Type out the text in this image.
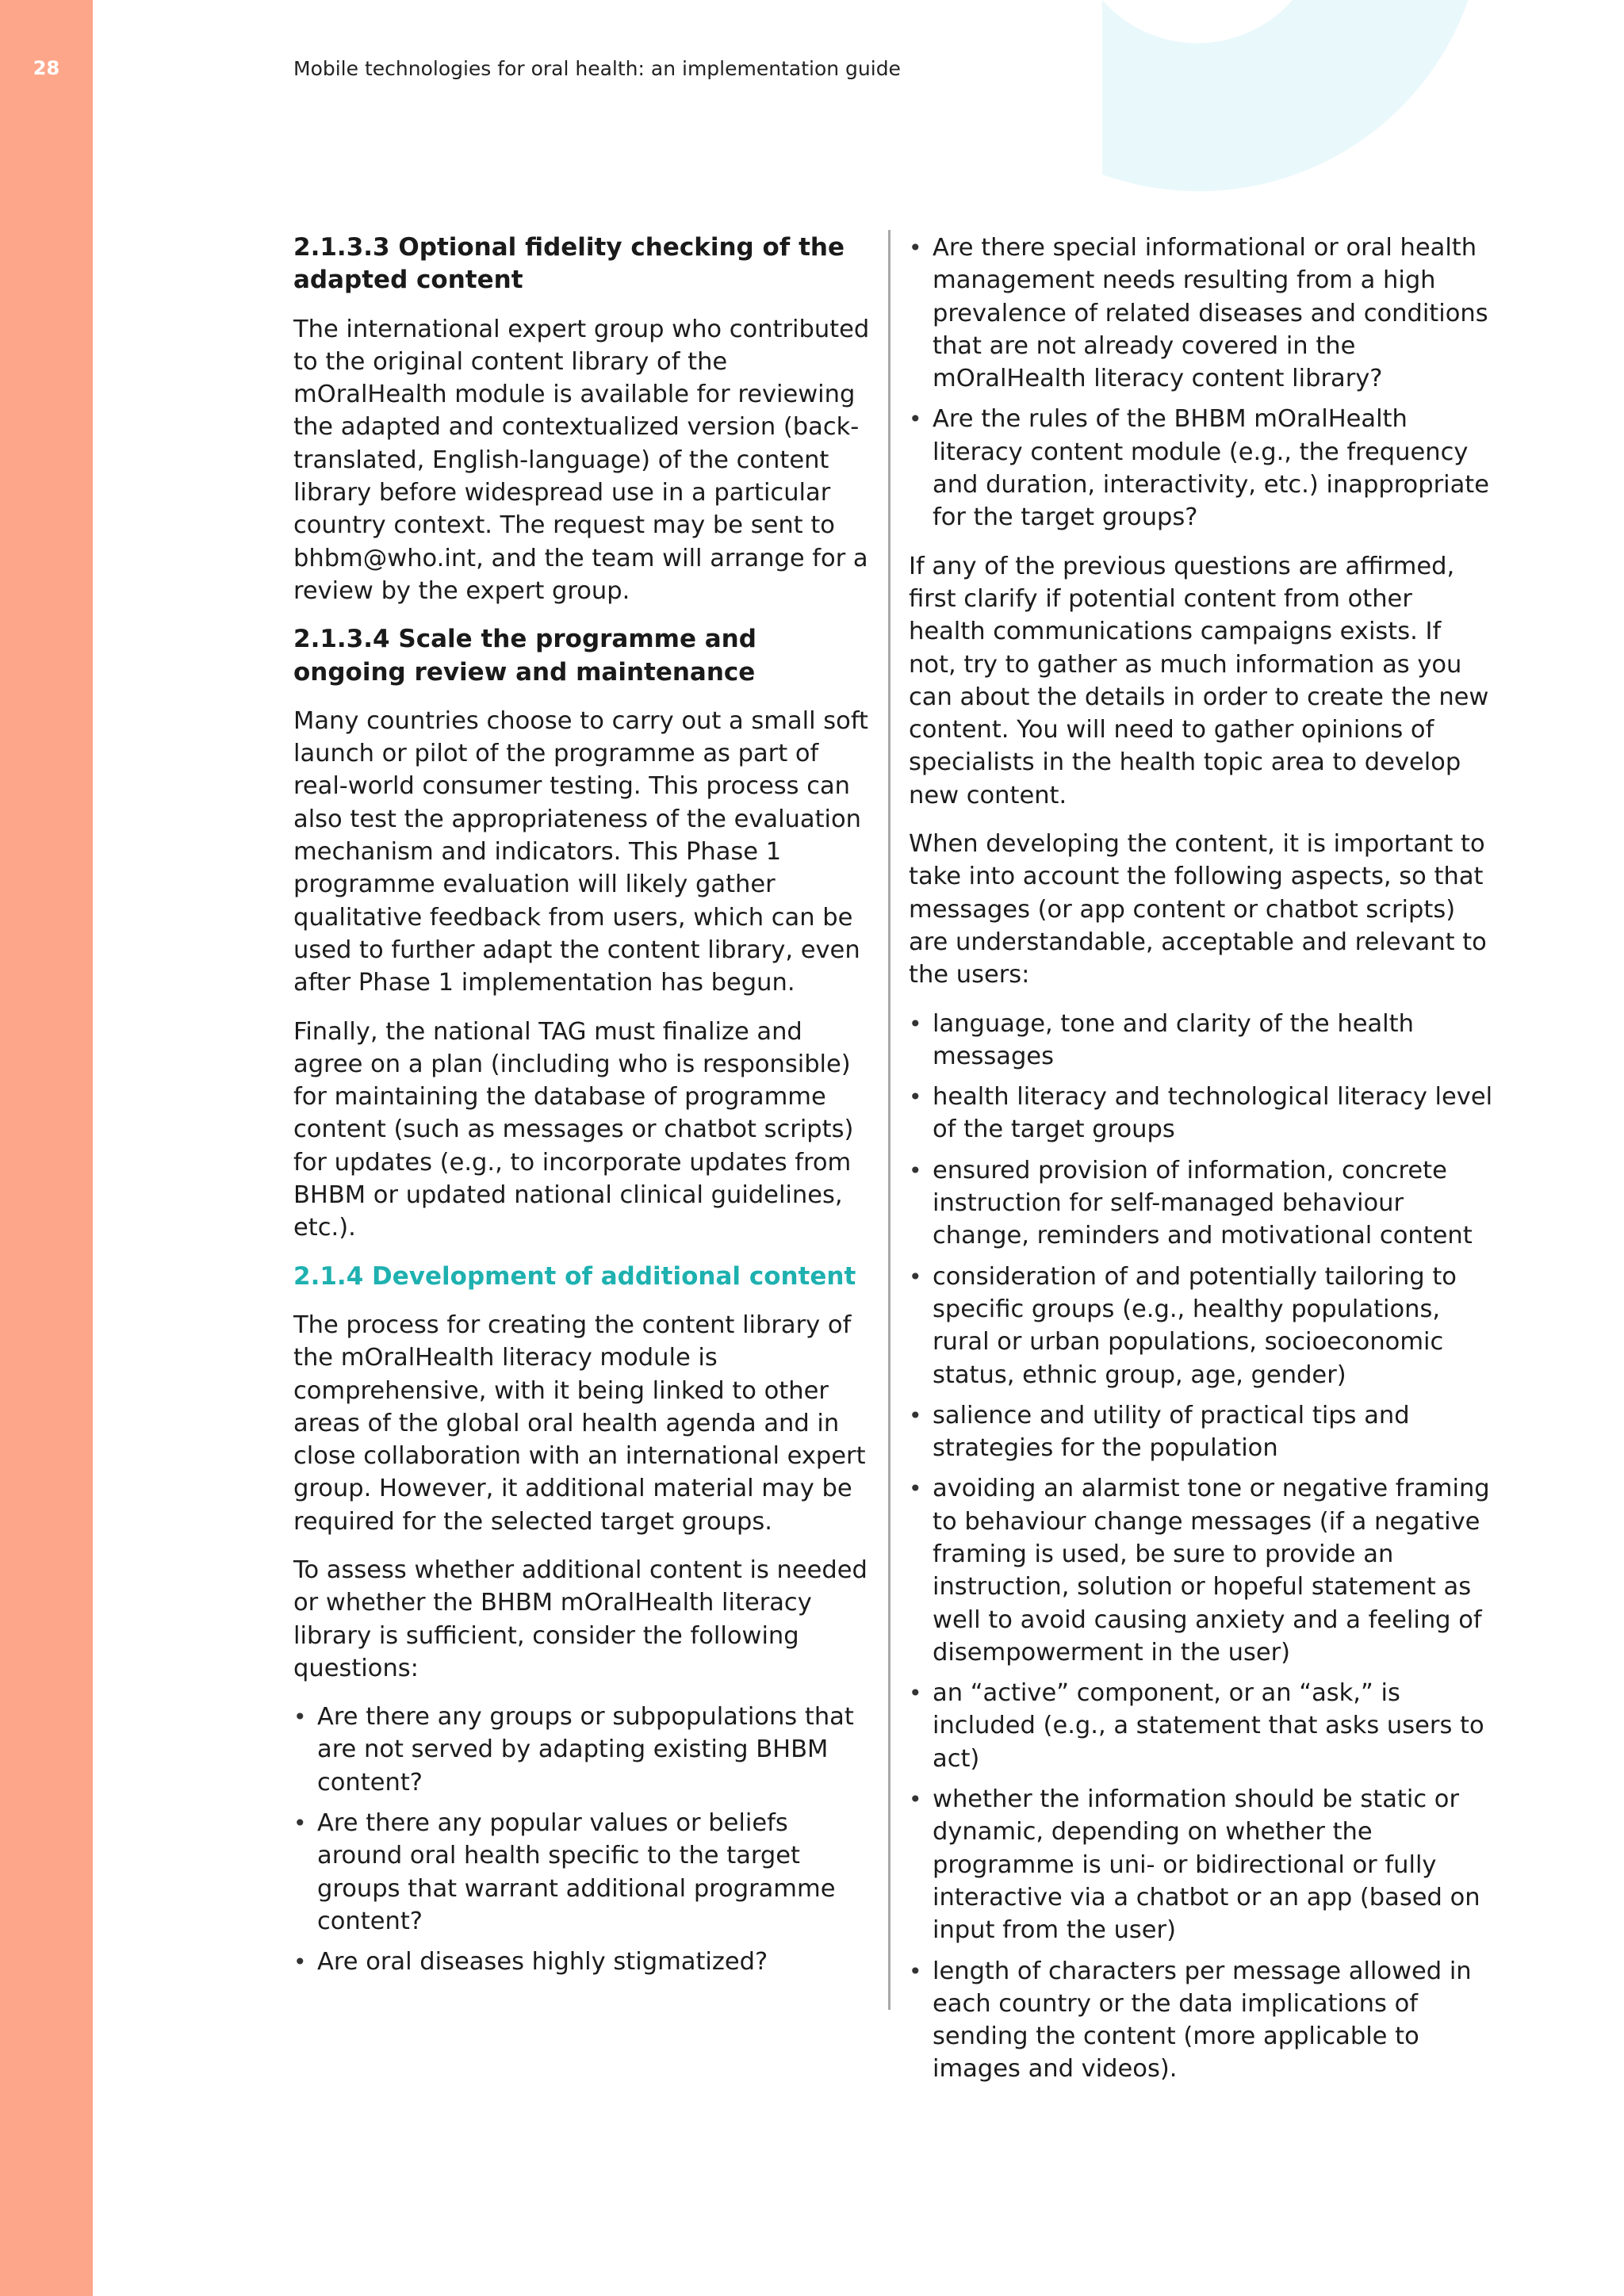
28	Mobile technologies for oral health: an implementation guide
2.1.3.3 Optional fidelity checking of the adapted content

The international expert group who contributed to the original content library of the mOralHealth module is available for reviewing the adapted and contextualized version (back-translated, English-language) of the content library before widespread use in a particular country context. The request may be sent to bhbm@who.int, and the team will arrange for a review by the expert group.

2.1.3.4 Scale the programme and ongoing review and maintenance

Many countries choose to carry out a small soft launch or pilot of the programme as part of real-world consumer testing. This process can also test the appropriateness of the evaluation mechanism and indicators. This Phase 1 programme evaluation will likely gather qualitative feedback from users, which can be used to further adapt the content library, even after Phase 1 implementation has begun.

Finally, the national TAG must finalize and agree on a plan (including who is responsible) for maintaining the database of programme content (such as messages or chatbot scripts) for updates (e.g., to incorporate updates from BHBM or updated national clinical guidelines, etc.).

2.1.4 Development of additional content

The process for creating the content library of the mOralHealth literacy module is comprehensive, with it being linked to other areas of the global oral health agenda and in close collaboration with an international expert group. However, it additional material may be required for the selected target groups.

To assess whether additional content is needed or whether the BHBM mOralHealth literacy library is sufficient, consider the following questions:

• Are there any groups or subpopulations that are not served by adapting existing BHBM content?
• Are there any popular values or beliefs around oral health specific to the target groups that warrant additional programme content?
• Are oral diseases highly stigmatized?
• Are there special informational or oral health management needs resulting from a high prevalence of related diseases and conditions that are not already covered in the mOralHealth literacy content library?
• Are the rules of the BHBM mOralHealth literacy content module (e.g., the frequency and duration, interactivity, etc.) inappropriate for the target groups?

If any of the previous questions are affirmed, first clarify if potential content from other health communications campaigns exists. If not, try to gather as much information as you can about the details in order to create the new content. You will need to gather opinions of specialists in the health topic area to develop new content.

When developing the content, it is important to take into account the following aspects, so that messages (or app content or chatbot scripts) are understandable, acceptable and relevant to the users:

• language, tone and clarity of the health messages
• health literacy and technological literacy level of the target groups
• ensured provision of information, concrete instruction for self-managed behaviour change, reminders and motivational content
• consideration of and potentially tailoring to specific groups (e.g., healthy populations, rural or urban populations, socioeconomic status, ethnic group, age, gender)
• salience and utility of practical tips and strategies for the population
• avoiding an alarmist tone or negative framing to behaviour change messages (if a negative framing is used, be sure to provide an instruction, solution or hopeful statement as well to avoid causing anxiety and a feeling of disempowerment in the user)
• an “active” component, or an “ask,” is included (e.g., a statement that asks users to act)
• whether the information should be static or dynamic, depending on whether the programme is uni- or bidirectional or fully interactive via a chatbot or an app (based on input from the user)
• length of characters per message allowed in each country or the data implications of sending the content (more applicable to images and videos).
